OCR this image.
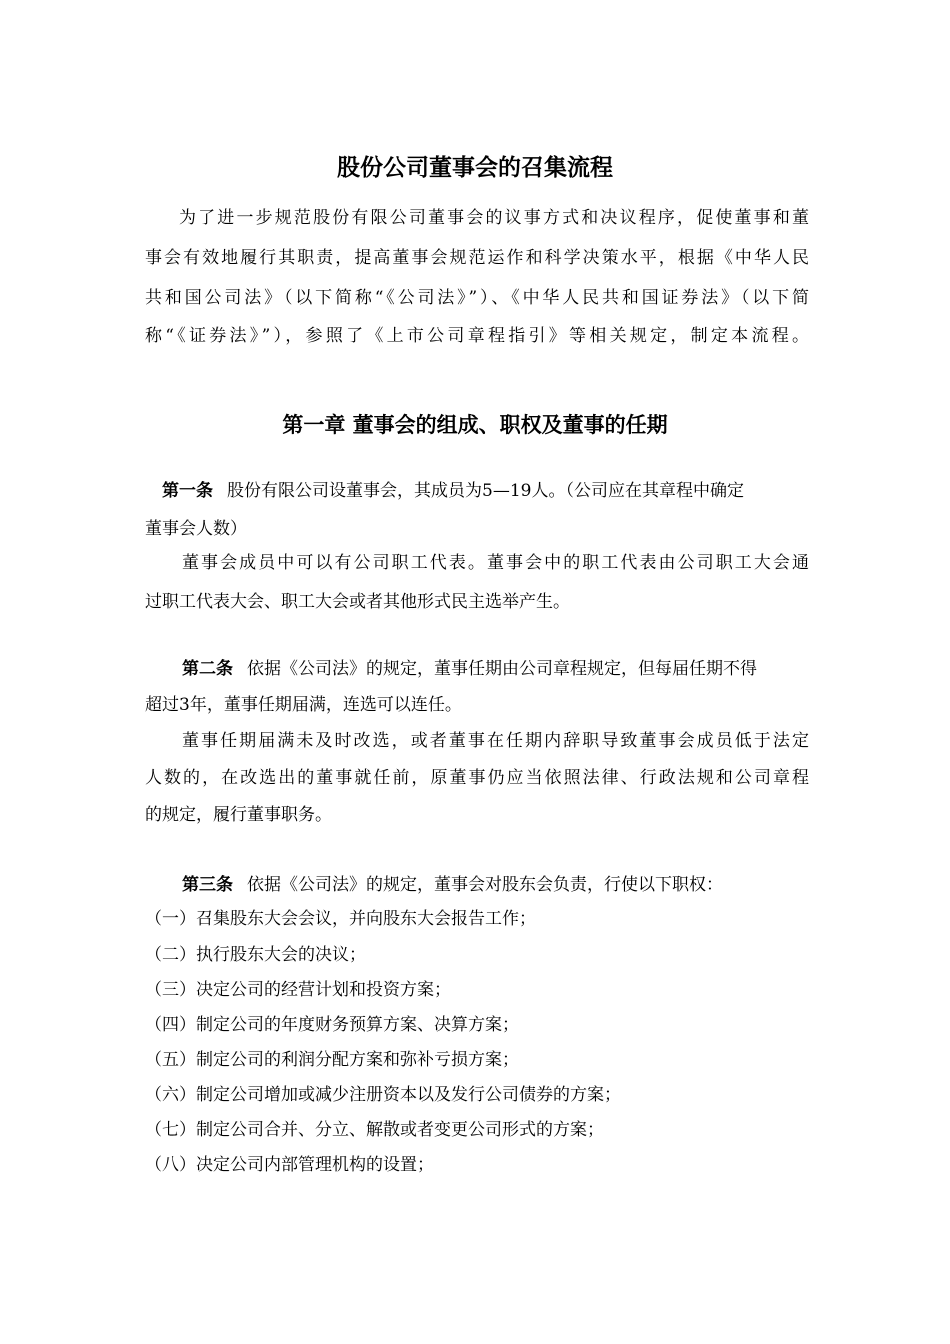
股份公司董事会的召集流程

为了进一步规范股份有限公司董事会的议事方式和决议程序，促使董事和董

事会有效地履行其职责，提高董事会规范运作和科学决策水平，根据《中华人民

共和国公司法》（以下简称“《公司法》”）、《中华人民共和国证券法》（以下简

称“《证券法》”），参照了《上市公司章程指引》等相关规定，制定本流程。

第一章 董事会的组成、职权及董事的任期

第一条 股份有限公司设董事会，其成员为5—19人。（公司应在其章程中确定

董事会人数）

董事会成员中可以有公司职工代表。董事会中的职工代表由公司职工大会通

过职工代表大会、职工大会或者其他形式民主选举产生。

第二条 依据《公司法》的规定，董事任期由公司章程规定，但每届任期不得

超过3年，董事任期届满，连选可以连任。

董事任期届满未及时改选，或者董事在任期内辞职导致董事会成员低于法定

人数的，在改选出的董事就任前，原董事仍应当依照法律、行政法规和公司章程

的规定，履行董事职务。

第三条 依据《公司法》的规定，董事会对股东会负责，行使以下职权：

（一）召集股东大会会议，并向股东大会报告工作；

（二）执行股东大会的决议；

（三）决定公司的经营计划和投资方案；

（四）制定公司的年度财务预算方案、决算方案；

（五）制定公司的利润分配方案和弥补亏损方案；

（六）制定公司增加或减少注册资本以及发行公司债券的方案；

（七）制定公司合并、分立、解散或者变更公司形式的方案；

（八）决定公司内部管理机构的设置；
